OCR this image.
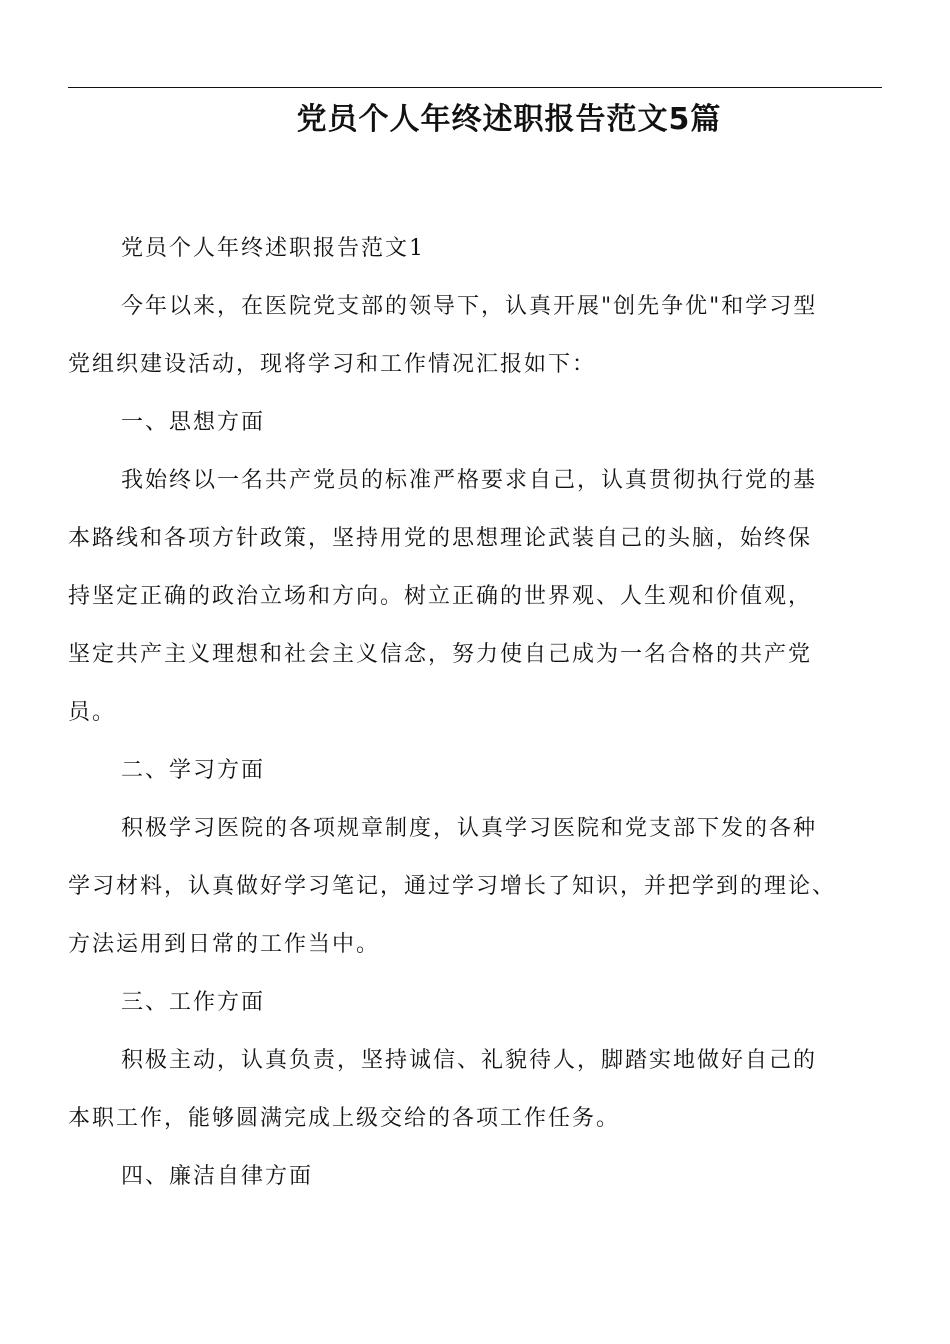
党员个人年终述职报告范文5篇
党员个人年终述职报告范文1
今年以来，在医院党支部的领导下，认真开展"创先争优"和学习型
党组织建设活动，现将学习和工作情况汇报如下：
一、思想方面
我始终以一名共产党员的标准严格要求自己，认真贯彻执行党的基
本路线和各项方针政策，坚持用党的思想理论武装自己的头脑，始终保
持坚定正确的政治立场和方向。树立正确的世界观、人生观和价值观，
坚定共产主义理想和社会主义信念，努力使自己成为一名合格的共产党
员。
二、学习方面
积极学习医院的各项规章制度，认真学习医院和党支部下发的各种
学习材料，认真做好学习笔记，通过学习增长了知识，并把学到的理论、
方法运用到日常的工作当中。
三、工作方面
积极主动，认真负责，坚持诚信、礼貌待人，脚踏实地做好自己的
本职工作，能够圆满完成上级交给的各项工作任务。
四、廉洁自律方面
